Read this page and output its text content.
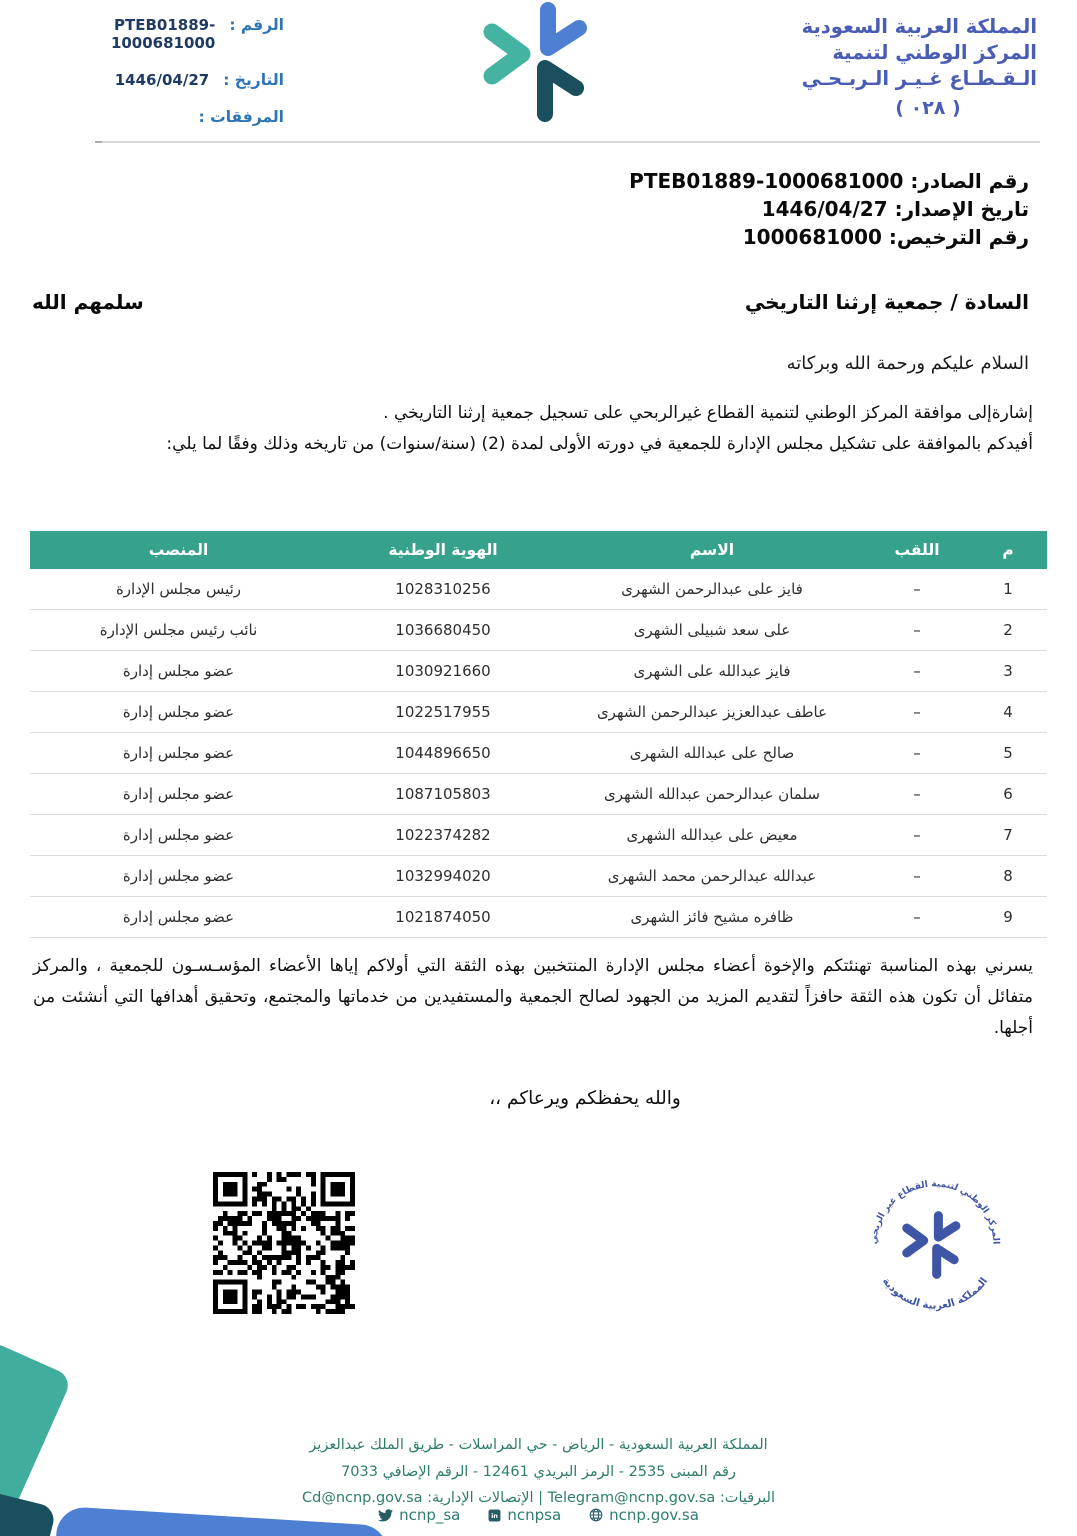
الرقم :
PTEB01889-1000681000
التاريخ :
1446/04/27
المرفقات :
المملكة العربية السعودية
المركز الوطني لتنمية
الـقـطـاع غـيـر الـربـحـي
( ٠٢٨ )
رقم الصادر: PTEB01889-1000681000
تاريخ الإصدار: 1446/04/27
رقم الترخيص: 1000681000
السادة / جمعية إرثنا التاريخي
سلمهم الله
السلام عليكم ورحمة الله وبركاته
إشارةإلى موافقة المركز الوطني لتنمية القطاع غيرالربحي على تسجيل جمعية إرثنا التاريخي .
أفيدكم بالموافقة على تشكيل مجلس الإدارة للجمعية في دورته الأولى لمدة (2) (سنة/سنوات) من تاريخه وذلك وفقًا لما يلي:
م	اللقب	الاسم	الهوية الوطنية	المنصب
1	–	فايز على عبدالرحمن الشهرى	1028310256	رئيس مجلس الإدارة
2	–	على سعد شبيلى الشهرى	1036680450	نائب رئيس مجلس الإدارة
3	–	فايز عبدالله على الشهرى	1030921660	عضو مجلس إدارة
4	–	عاطف عبدالعزيز عبدالرحمن الشهرى	1022517955	عضو مجلس إدارة
5	–	صالح على عبدالله الشهرى	1044896650	عضو مجلس إدارة
6	–	سلمان عبدالرحمن عبدالله الشهرى	1087105803	عضو مجلس إدارة
7	–	معيض على عبدالله الشهرى	1022374282	عضو مجلس إدارة
8	–	عبدالله عبدالرحمن محمد الشهرى	1032994020	عضو مجلس إدارة
9	–	ظافره مشيح فائز الشهرى	1021874050	عضو مجلس إدارة
يسرني بهذه المناسبة تهنئتكم والإخوة أعضاء مجلس الإدارة المنتخبين بهذه الثقة التي أولاكم إياها الأعضاء المؤسـسـون للجمعية ، والمركز متفائل أن تكون هذه الثقة حافزاً لتقديم المزيد من الجهود لصالح الجمعية والمستفيدين من خدماتها والمجتمع، وتحقيق أهدافها التي أنشئت من أجلها.
والله يحفظكم ويرعاكم ،،
المركز الوطني لتنمية القطاع غير الربحي
المملكة العربية السعودية
المملكة العربية السعودية - الرياض - حي المراسلات - طريق الملك عبدالعزيز
رقم المبنى 2535 - الرمز البريدي 12461 - الرقم الإضافي 7033
البرقيات: Telegram@ncnp.gov.sa | الإتصالات الإدارية: Cd@ncnp.gov.sa
ncnp_sa	in ncnpsa	ncnp.gov.sa
